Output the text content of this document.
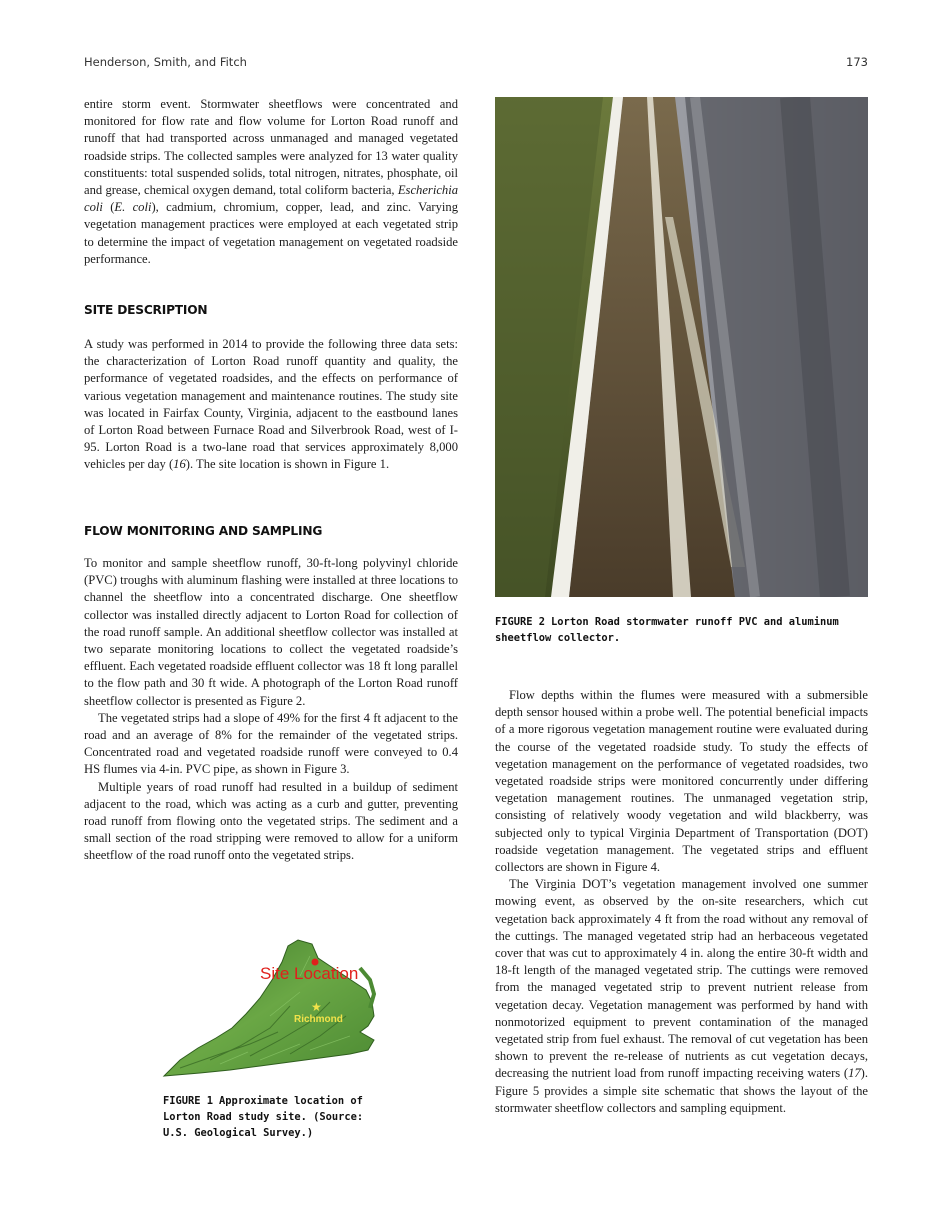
Henderson, Smith, and Fitch	173

entire storm event. Stormwater sheetflows were concentrated and monitored for flow rate and flow volume for Lorton Road runoff and runoff that had transported across unmanaged and managed vegetated roadside strips. The collected samples were analyzed for 13 water quality constituents: total suspended solids, total nitrogen, nitrates, phosphate, oil and grease, chemical oxygen demand, total coliform bacteria, Escherichia coli (E. coli), cadmium, chromium, copper, lead, and zinc. Varying vegetation management practices were employed at each vegetated strip to determine the impact of vegetation management on vegetated roadside performance.

SITE DESCRIPTION

A study was performed in 2014 to provide the following three data sets: the characterization of Lorton Road runoff quantity and quality, the performance of vegetated roadsides, and the effects on performance of various vegetation management and maintenance routines. The study site was located in Fairfax County, Virginia, adjacent to the eastbound lanes of Lorton Road between Furnace Road and Silverbrook Road, west of I-95. Lorton Road is a two-lane road that services approximately 8,000 vehicles per day (16). The site location is shown in Figure 1.

FLOW MONITORING AND SAMPLING

To monitor and sample sheetflow runoff, 30-ft-long polyvinyl chloride (PVC) troughs with aluminum flashing were installed at three locations to channel the sheetflow into a concentrated discharge. One sheetflow collector was installed directly adjacent to Lorton Road for collection of the road runoff sample. An additional sheetflow collector was installed at two separate monitoring locations to collect the vegetated roadside’s effluent. Each vegetated roadside effluent collector was 18 ft long parallel to the flow path and 30 ft wide. A photograph of the Lorton Road runoff sheetflow collector is presented as Figure 2.

The vegetated strips had a slope of 49% for the first 4 ft adjacent to the road and an average of 8% for the remainder of the vegetated strips. Concentrated road and vegetated roadside runoff were conveyed to 0.4 HS flumes via 4-in. PVC pipe, as shown in Figure 3.

Multiple years of road runoff had resulted in a buildup of sediment adjacent to the road, which was acting as a curb and gutter, preventing road runoff from flowing onto the vegetated strips. The sediment and a small section of the road stripping were removed to allow for a uniform sheetflow of the road runoff onto the vegetated strips.

Site Location
★
Richmond
FIGURE 1 Approximate location of Lorton Road study site. (Source: U.S. Geological Survey.)
FIGURE 2 Lorton Road stormwater runoff PVC and aluminum sheetflow collector.

Flow depths within the flumes were measured with a submersible depth sensor housed within a probe well. The potential beneficial impacts of a more rigorous vegetation management routine were evaluated during the course of the vegetated roadside study. To study the effects of vegetation management on the performance of vegetated roadsides, two vegetated roadside strips were monitored concurrently under differing vegetation management routines. The unmanaged vegetation strip, consisting of relatively woody vegetation and wild blackberry, was subjected only to typical Virginia Department of Transportation (DOT) roadside vegetation management. The vegetated strips and effluent collectors are shown in Figure 4.

The Virginia DOT’s vegetation management involved one summer mowing event, as observed by the on-site researchers, which cut vegetation back approximately 4 ft from the road without any removal of the cuttings. The managed vegetated strip had an herbaceous vegetated cover that was cut to approximately 4 in. along the entire 30-ft width and 18-ft length of the managed vegetated strip. The cuttings were removed from the managed vegetated strip to prevent nutrient release from vegetation decay. Vegetation management was performed by hand with nonmotorized equipment to prevent contamination of the managed vegetated strip from fuel exhaust. The removal of cut vegetation has been shown to prevent the re-release of nutrients as cut vegetation decays, decreasing the nutrient load from runoff impacting receiving waters (17). Figure 5 provides a simple site schematic that shows the layout of the stormwater sheetflow collectors and sampling equipment.
